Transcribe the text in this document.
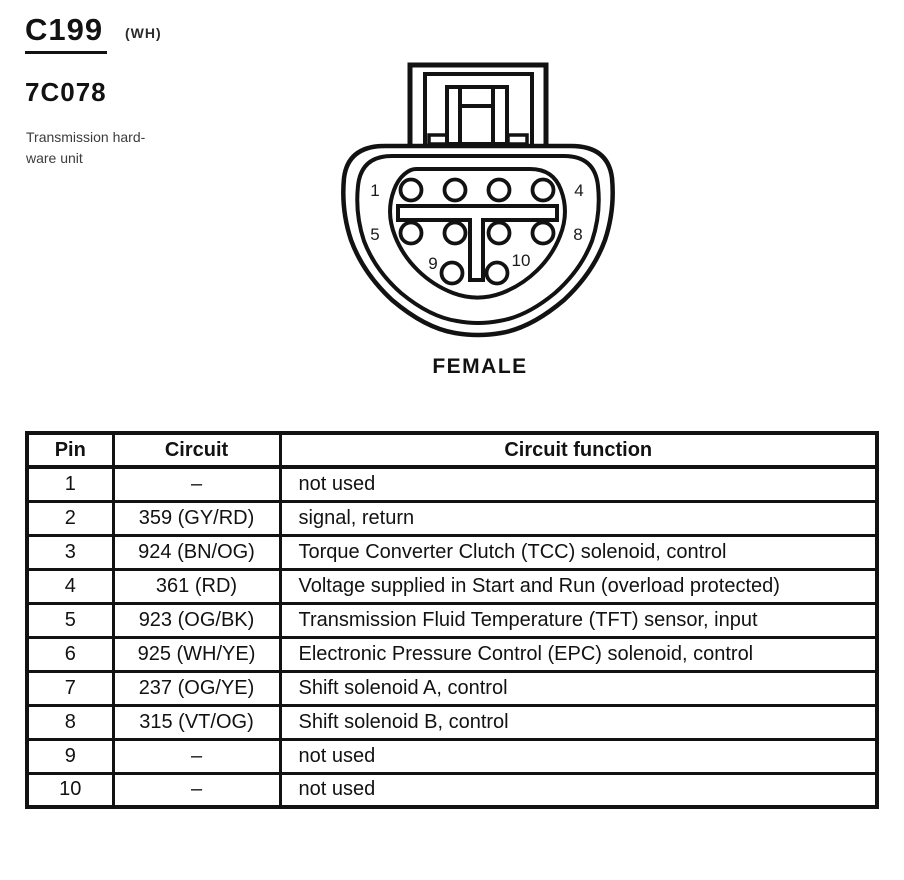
C199 (WH)
7C078
Transmission hard-
ware unit
1	4
5	8
9	10
FEMALE
Pin	Circuit	Circuit function
1	–	not used
2	359 (GY/RD)	signal, return
3	924 (BN/OG)	Torque Converter Clutch (TCC) solenoid, control
4	361 (RD)	Voltage supplied in Start and Run (overload protected)
5	923 (OG/BK)	Transmission Fluid Temperature (TFT) sensor, input
6	925 (WH/YE)	Electronic Pressure Control (EPC) solenoid, control
7	237 (OG/YE)	Shift solenoid A, control
8	315 (VT/OG)	Shift solenoid B, control
9	–	not used
10	–	not used
